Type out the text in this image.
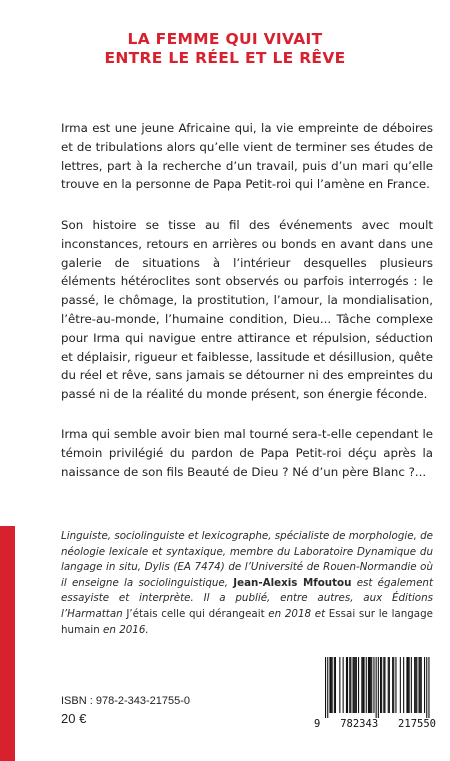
LA FEMME QUI VIVAIT
ENTRE LE RÉEL ET LE RÊVE

Irma est une jeune Africaine qui, la vie empreinte de déboires et de tribulations alors qu’elle vient de terminer ses études de lettres, part à la recherche d’un travail, puis d’un mari qu’elle trouve en la personne de Papa Petit-roi qui l’amène en France.

Son histoire se tisse au fil des événements avec moult inconstances, retours en arrières ou bonds en avant dans une galerie de situations à l’intérieur desquelles plusieurs éléments hétéroclites sont observés ou parfois interrogés : le passé, le chômage, la prostitution, l’amour, la mondialisation, l’être-au-monde, l’humaine condition, Dieu... Tâche complexe pour Irma qui navigue entre attirance et répulsion, séduction et déplaisir, rigueur et faiblesse, lassitude et désillusion, quête du réel et rêve, sans jamais se détourner ni des empreintes du passé ni de la réalité du monde présent, son énergie féconde.

Irma qui semble avoir bien mal tourné sera-t-elle cependant le témoin privilégié du pardon de Papa Petit-roi déçu après la naissance de son fils Beauté de Dieu ? Né d’un père Blanc ?...

Linguiste, sociolinguiste et lexicographe, spécialiste de morphologie, de néologie lexicale et syntaxique, membre du Laboratoire Dynamique du langage in situ, Dylis (EA 7474) de l’Université de Rouen-Normandie où il enseigne la sociolinguistique, Jean-Alexis Mfoutou est également essayiste et interprète. Il a publié, entre autres, aux Éditions l’Harmattan J’étais celle qui dérangeait en 2018 et Essai sur le langage humain en 2016.
ISBN : 978-2-343-21755-0
20 €	9 782343 217550
